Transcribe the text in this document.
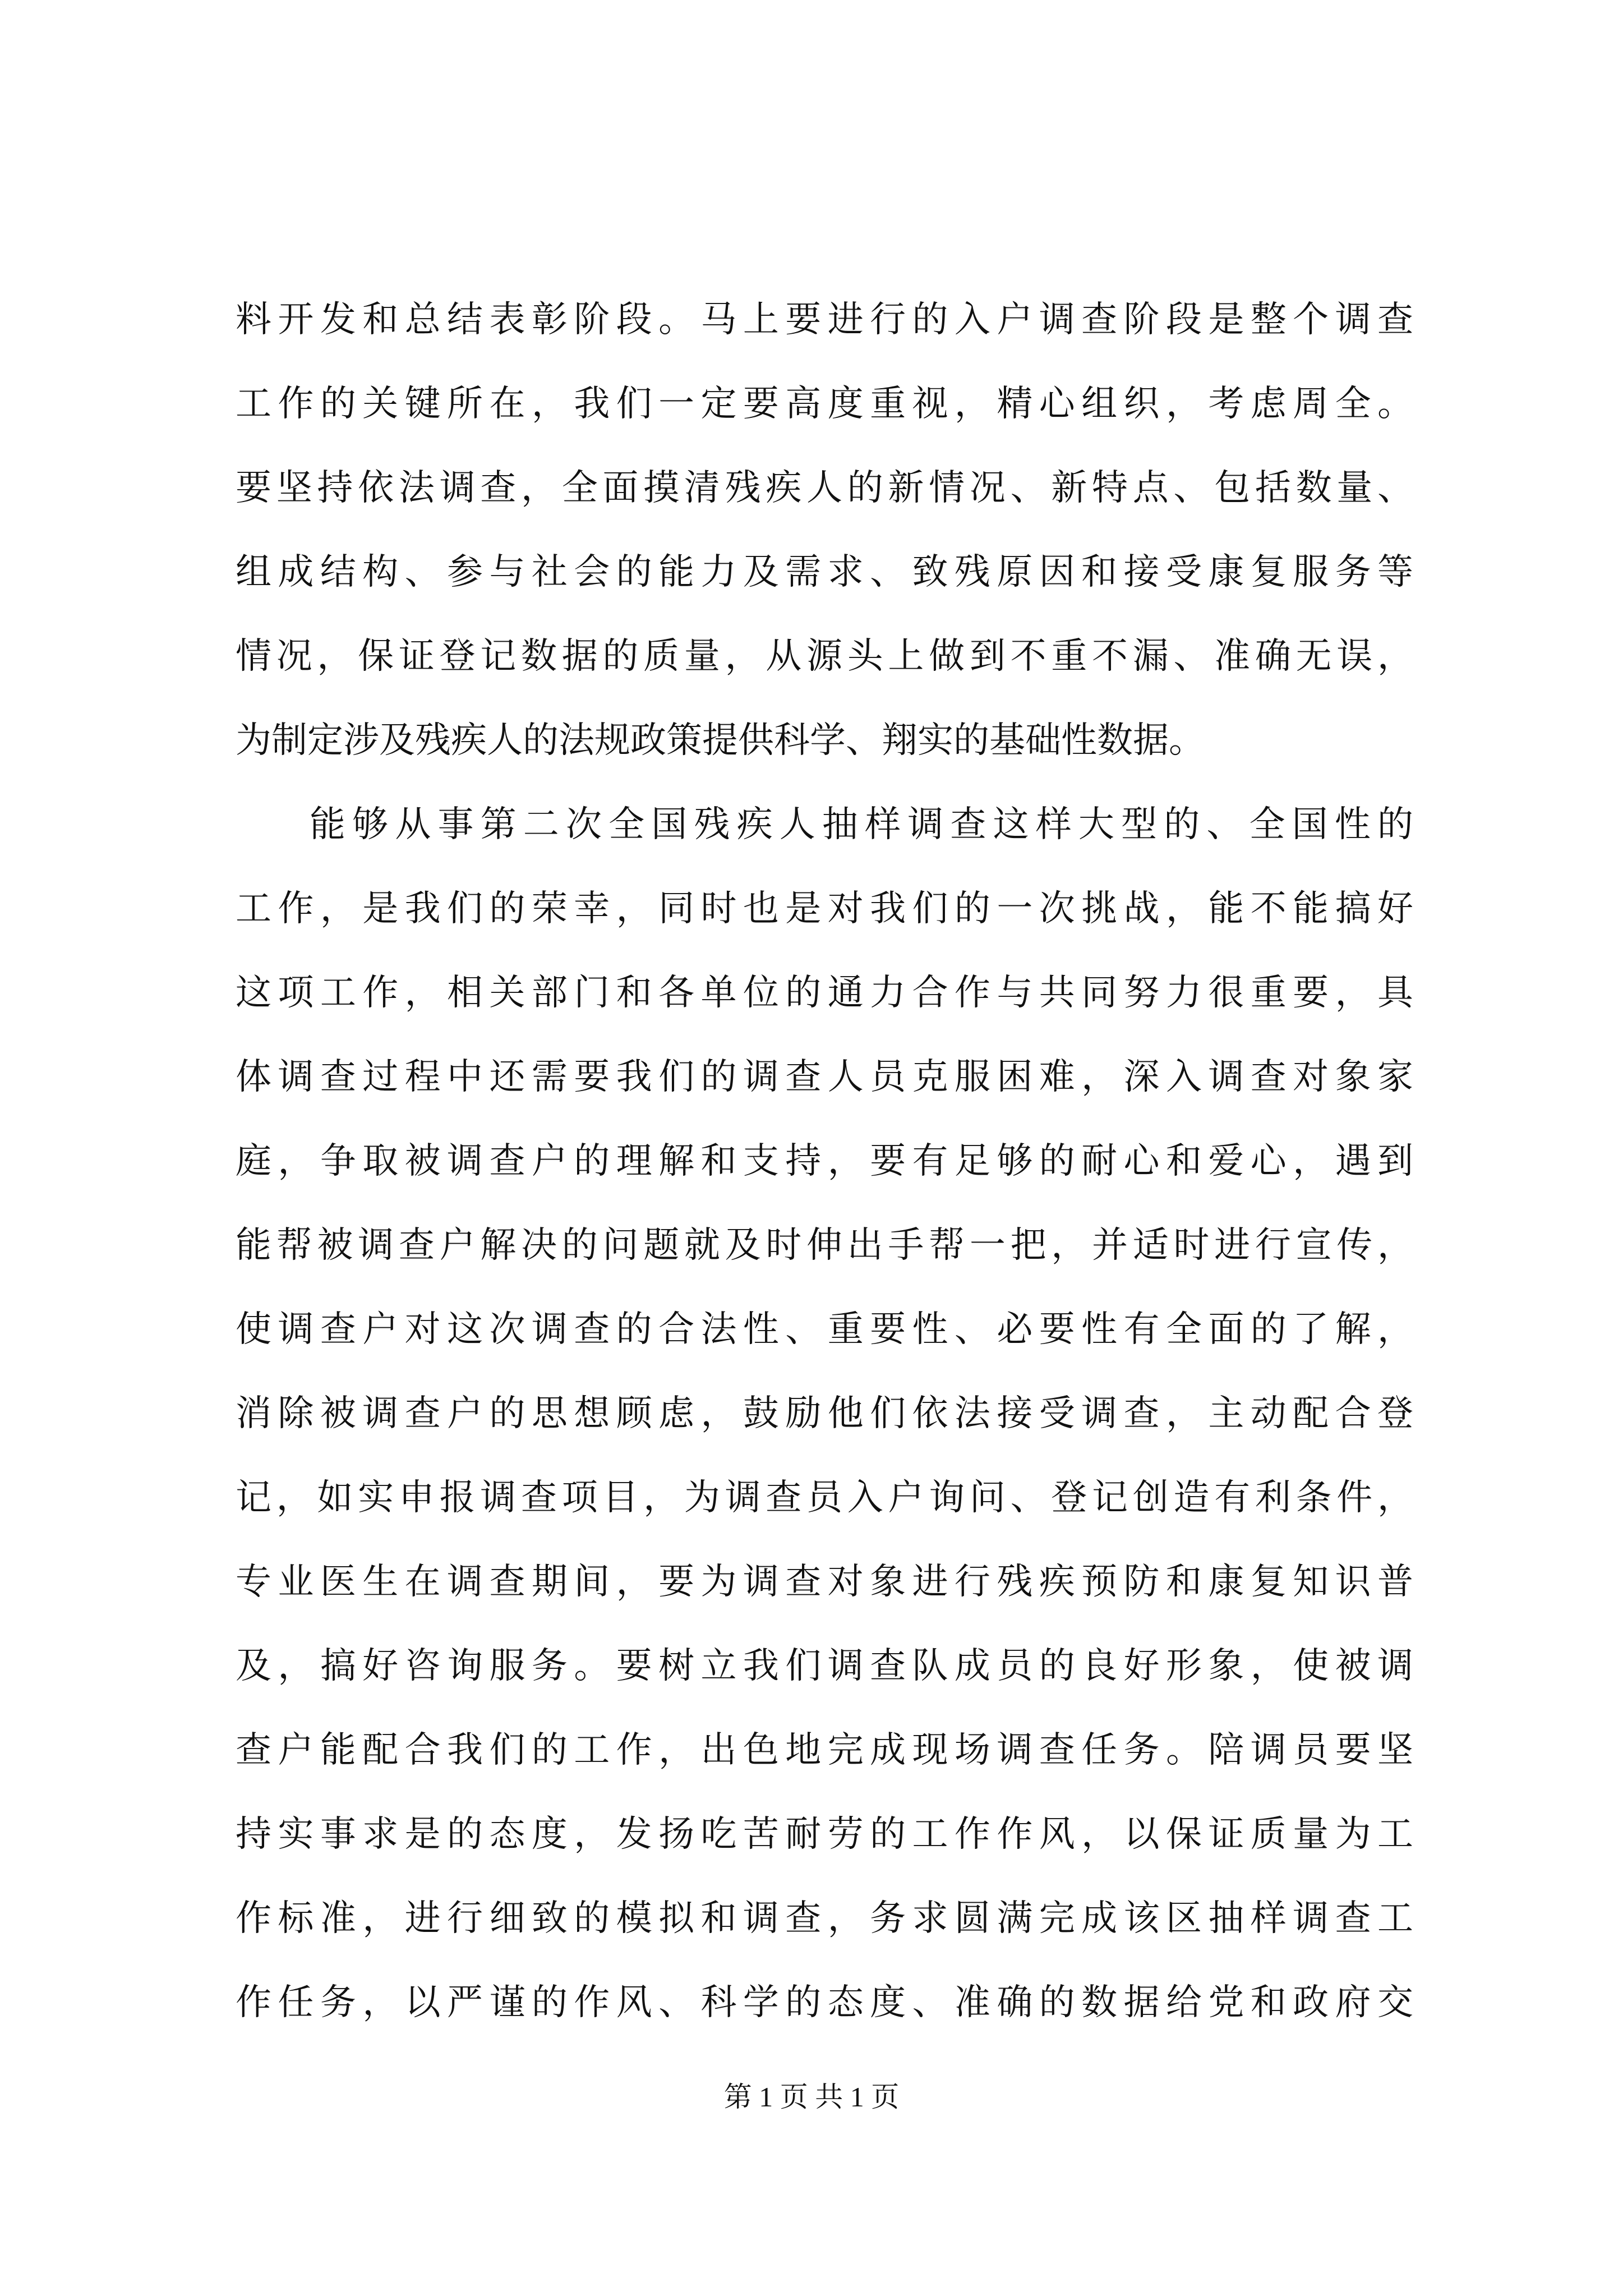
料开发和总结表彰阶段。马上要进行的入户调查阶段是整个调查

工作的关键所在，我们一定要高度重视，精心组织，考虑周全。

要坚持依法调查，全面摸清残疾人的新情况、新特点、包括数量、

组成结构、参与社会的能力及需求、致残原因和接受康复服务等

情况，保证登记数据的质量，从源头上做到不重不漏、准确无误，

为制定涉及残疾人的法规政策提供科学、翔实的基础性数据。

能够从事第二次全国残疾人抽样调查这样大型的、全国性的

工作，是我们的荣幸，同时也是对我们的一次挑战，能不能搞好

这项工作，相关部门和各单位的通力合作与共同努力很重要，具

体调查过程中还需要我们的调查人员克服困难，深入调查对象家

庭，争取被调查户的理解和支持，要有足够的耐心和爱心，遇到

能帮被调查户解决的问题就及时伸出手帮一把，并适时进行宣传，

使调查户对这次调查的合法性、重要性、必要性有全面的了解，

消除被调查户的思想顾虑，鼓励他们依法接受调查，主动配合登

记，如实申报调查项目，为调查员入户询问、登记创造有利条件，

专业医生在调查期间，要为调查对象进行残疾预防和康复知识普

及，搞好咨询服务。要树立我们调查队成员的良好形象，使被调

查户能配合我们的工作，出色地完成现场调查任务。陪调员要坚

持实事求是的态度，发扬吃苦耐劳的工作作风，以保证质量为工

作标准，进行细致的模拟和调查，务求圆满完成该区抽样调查工

作任务，以严谨的作风、科学的态度、准确的数据给党和政府交

第 1 页 共 1 页
